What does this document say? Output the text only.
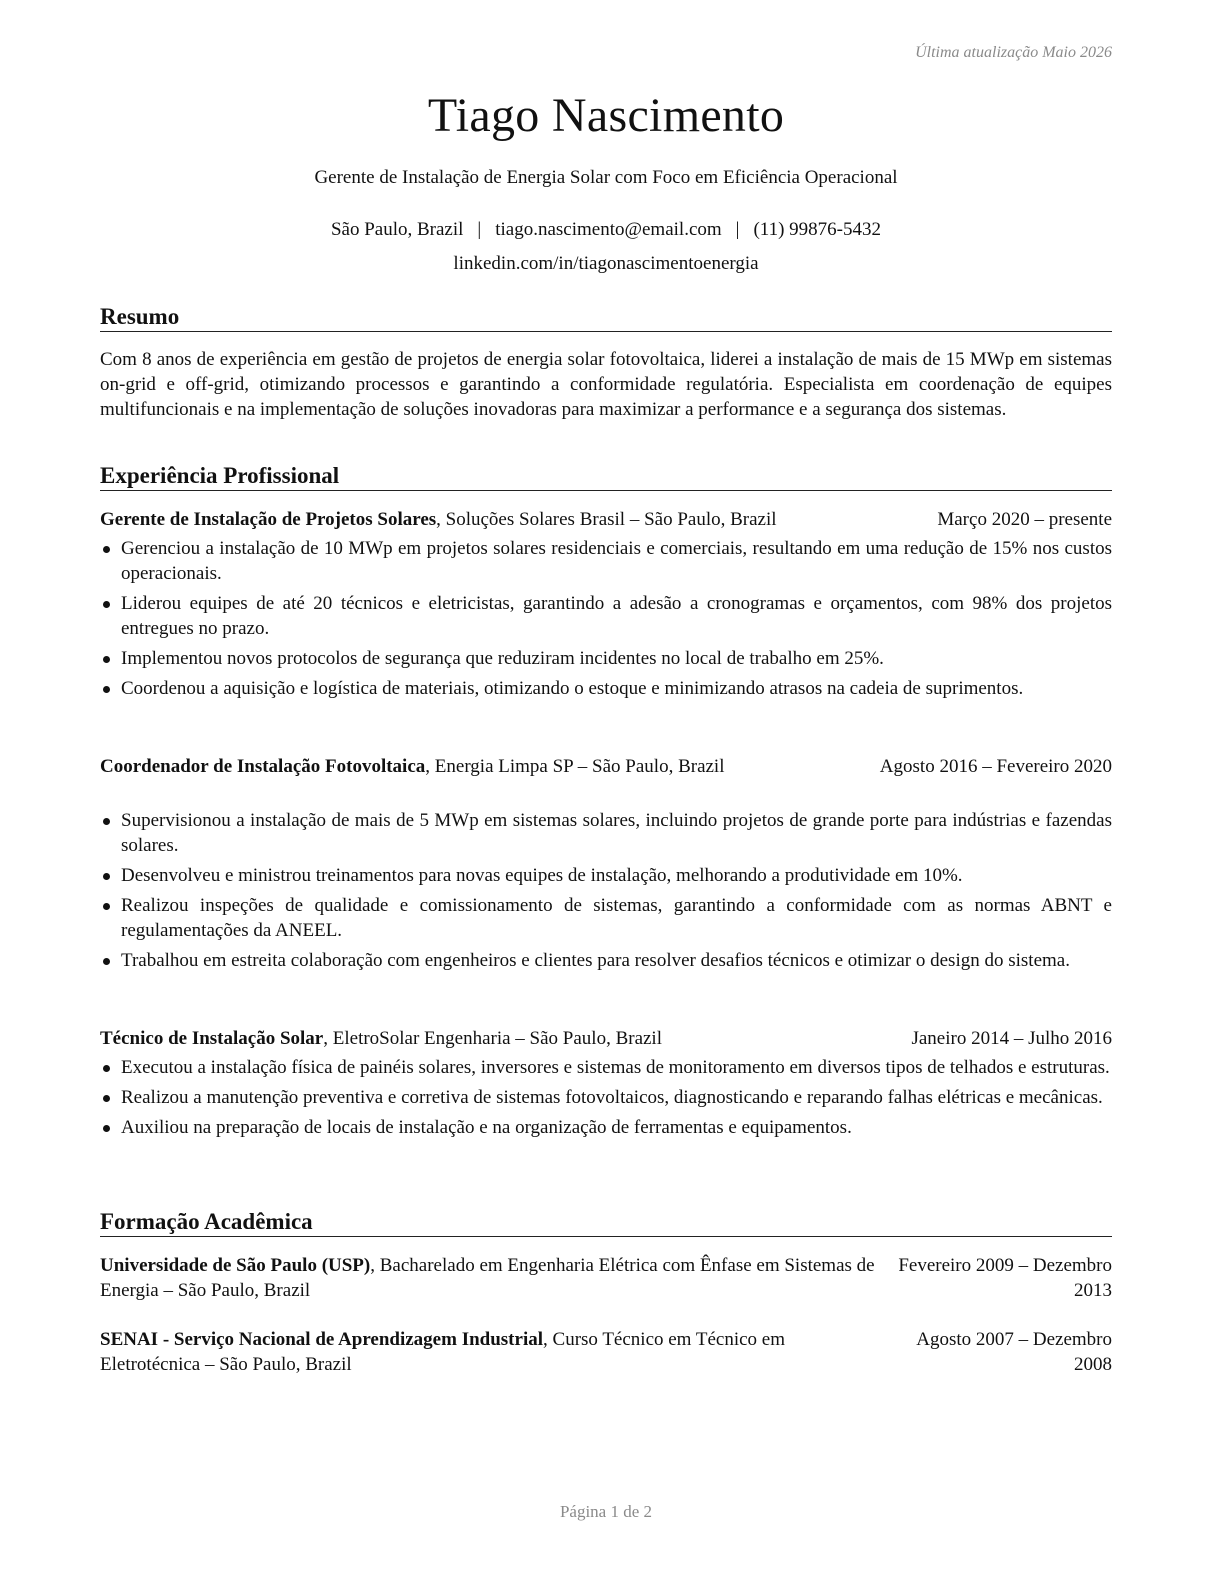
Última atualização Maio 2026
Tiago Nascimento
Gerente de Instalação de Energia Solar com Foco em Eficiência Operacional
São Paulo, Brazil | tiago.nascimento@email.com | (11) 99876-5432
linkedin.com/in/tiagonascimentoenergia
Resumo
Com 8 anos de experiência em gestão de projetos de energia solar fotovoltaica, liderei a instalação de mais de 15 MWp em sistemas on-grid e off-grid, otimizando processos e garantindo a conformidade regulatória. Especialista em coordenação de equipes multifuncionais e na implementação de soluções inovadoras para maximizar a performance e a segurança dos sistemas.
Experiência Profissional
Gerente de Instalação de Projetos Solares, Soluções Solares Brasil – São Paulo, Brazil	Março 2020 – presente
Gerenciou a instalação de 10 MWp em projetos solares residenciais e comerciais, resultando em uma redução de 15% nos custos operacionais.
Liderou equipes de até 20 técnicos e eletricistas, garantindo a adesão a cronogramas e orçamentos, com 98% dos projetos entregues no prazo.
Implementou novos protocolos de segurança que reduziram incidentes no local de trabalho em 25%.
Coordenou a aquisição e logística de materiais, otimizando o estoque e minimizando atrasos na cadeia de suprimentos.
Coordenador de Instalação Fotovoltaica, Energia Limpa SP – São Paulo, Brazil	Agosto 2016 – Fevereiro 2020
Supervisionou a instalação de mais de 5 MWp em sistemas solares, incluindo projetos de grande porte para indústrias e fazendas solares.
Desenvolveu e ministrou treinamentos para novas equipes de instalação, melhorando a produtividade em 10%.
Realizou inspeções de qualidade e comissionamento de sistemas, garantindo a conformidade com as normas ABNT e regulamentações da ANEEL.
Trabalhou em estreita colaboração com engenheiros e clientes para resolver desafios técnicos e otimizar o design do sistema.
Técnico de Instalação Solar, EletroSolar Engenharia – São Paulo, Brazil	Janeiro 2014 – Julho 2016
Executou a instalação física de painéis solares, inversores e sistemas de monitoramento em diversos tipos de telhados e estruturas.
Realizou a manutenção preventiva e corretiva de sistemas fotovoltaicos, diagnosticando e reparando falhas elétricas e mecânicas.
Auxiliou na preparação de locais de instalação e na organização de ferramentas e equipamentos.
Formação Acadêmica
Universidade de São Paulo (USP), Bacharelado em Engenharia Elétrica com Ênfase em Sistemas de Energia – São Paulo, Brazil
Fevereiro 2009 – Dezembro 2013
SENAI - Serviço Nacional de Aprendizagem Industrial, Curso Técnico em Técnico em Eletrotécnica – São Paulo, Brazil
Agosto 2007 – Dezembro 2008
Página 1 de 2
